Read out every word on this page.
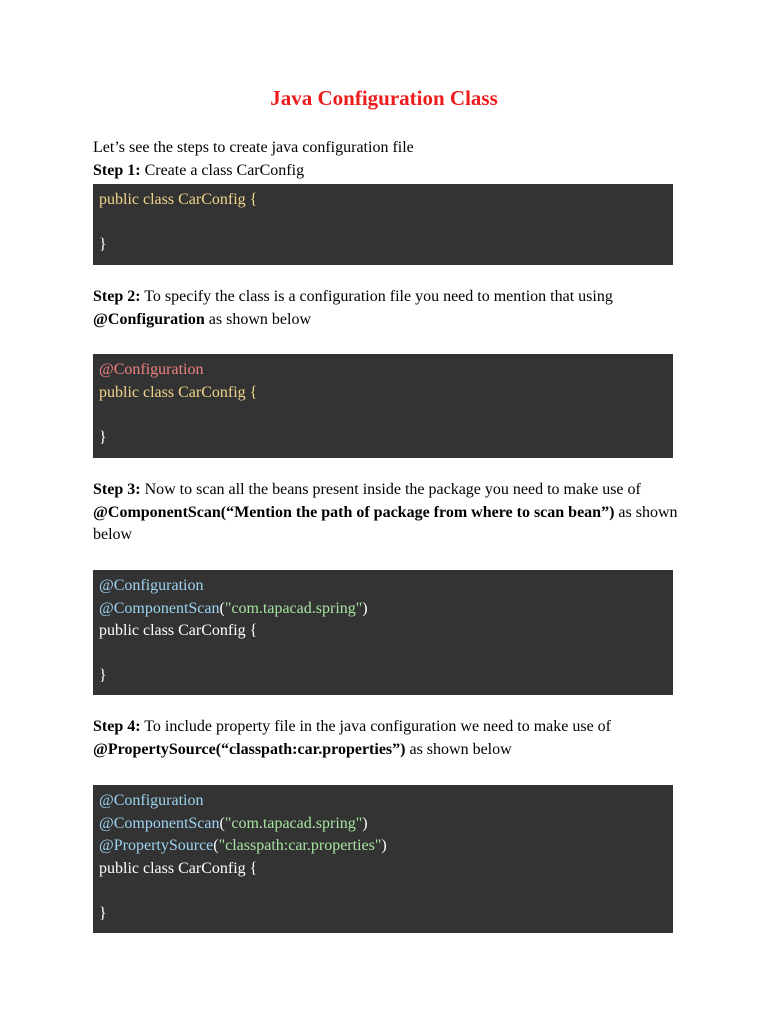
Java Configuration Class
Let’s see the steps to create java configuration file
Step 1: Create a class CarConfig
public class CarConfig {
}
Step 2: To specify the class is a configuration file you need to mention that using @Configuration as shown below
@Configuration
public class CarConfig {
}
Step 3: Now to scan all the beans present inside the package you need to make use of @ComponentScan(“Mention the path of package from where to scan bean”) as shown below
@Configuration
@ComponentScan("com.tapacad.spring")
public class CarConfig {
}
Step 4: To include property file in the java configuration we need to make use of @PropertySource(“classpath:car.properties”) as shown below
@Configuration
@ComponentScan("com.tapacad.spring")
@PropertySource("classpath:car.properties")
public class CarConfig {
}
